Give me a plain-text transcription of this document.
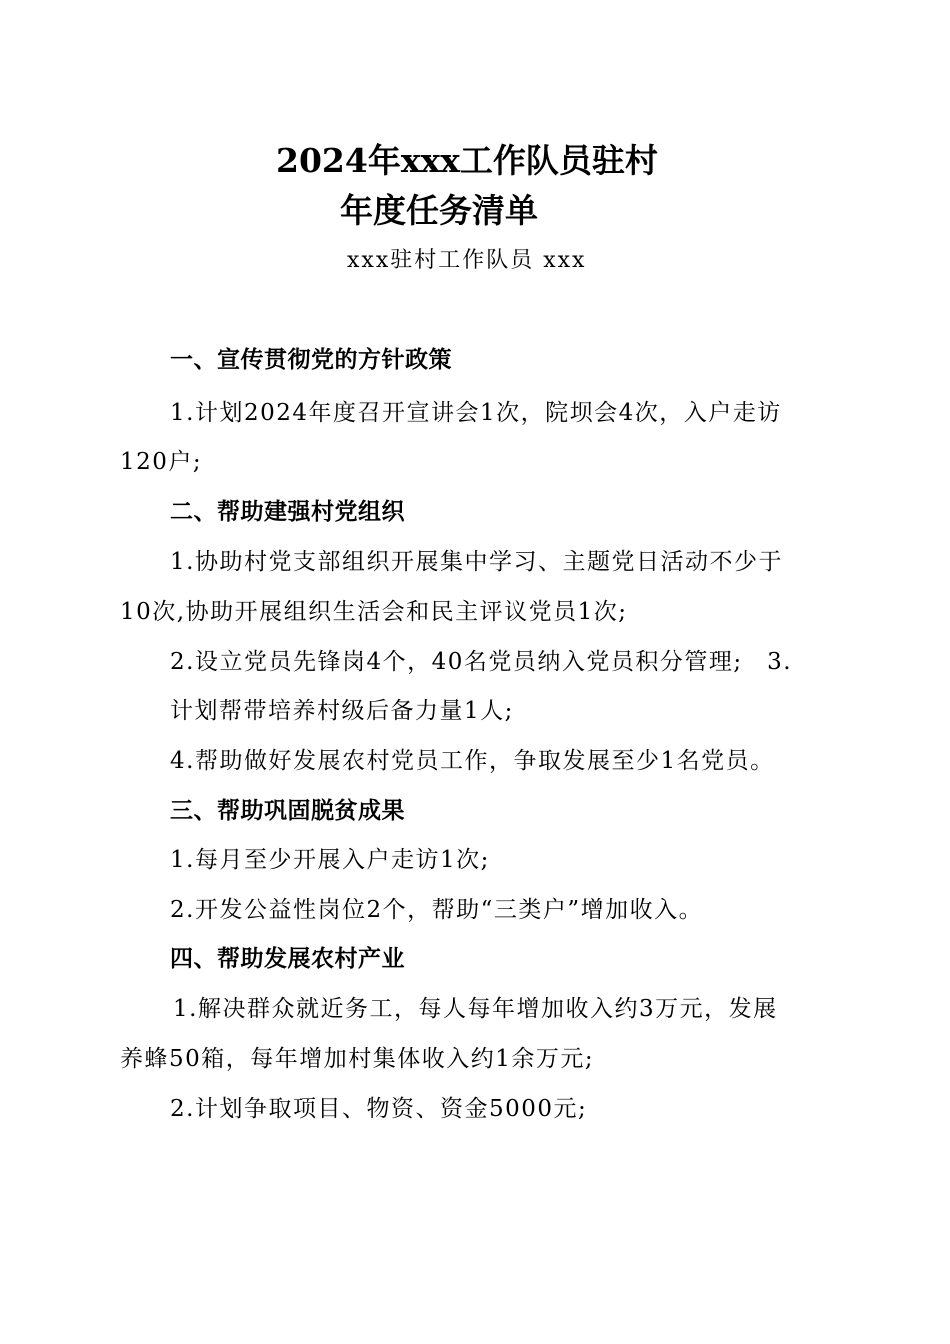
2024年xxx工作队员驻村
年度任务清单
xxx驻村工作队员 xxx
一、宣传贯彻党的方针政策
1.计划2024年度召开宣讲会1次，院坝会4次，入户走访
120户;
二、帮助建强村党组织
1.协助村党支部组织开展集中学习、主题党日活动不少于
10次,协助开展组织生活会和民主评议党员1次;
2.设立党员先锋岗4个，40名党员纳入党员积分管理;　3.
计划帮带培养村级后备力量1人;
4.帮助做好发展农村党员工作，争取发展至少1名党员。
三、帮助巩固脱贫成果
1.每月至少开展入户走访1次;
2.开发公益性岗位2个，帮助“三类户”增加收入。
四、帮助发展农村产业
1.解决群众就近务工，每人每年增加收入约3万元，发展
养蜂50箱，每年增加村集体收入约1余万元;
2.计划争取项目、物资、资金5000元;
